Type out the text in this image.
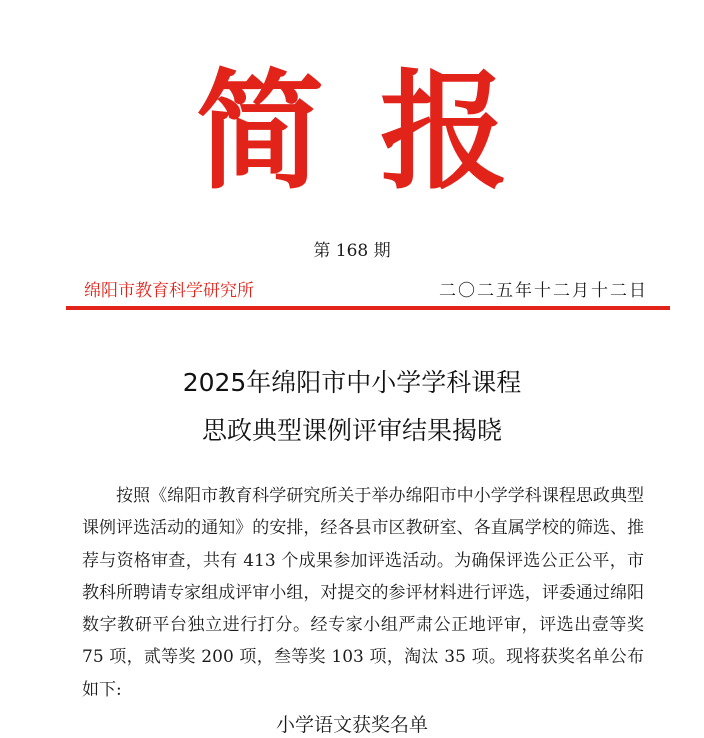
简报
第 168 期
绵阳市教育科学研究所	二〇二五年十二月十二日
2025年绵阳市中小学学科课程
思政典型课例评审结果揭晓

按照《绵阳市教育科学研究所关于举办绵阳市中小学学科课程思政典型课例评选活动的通知》的安排，经各县市区教研室、各直属学校的筛选、推荐与资格审查，共有 413 个成果参加评选活动。为确保评选公正公平，市教科所聘请专家组成评审小组，对提交的参评材料进行评选，评委通过绵阳数字教研平台独立进行打分。经专家小组严肃公正地评审，评选出壹等奖 75 项，贰等奖 200 项，叁等奖 103 项，淘汰 35 项。现将获奖名单公布如下:

小学语文获奖名单
